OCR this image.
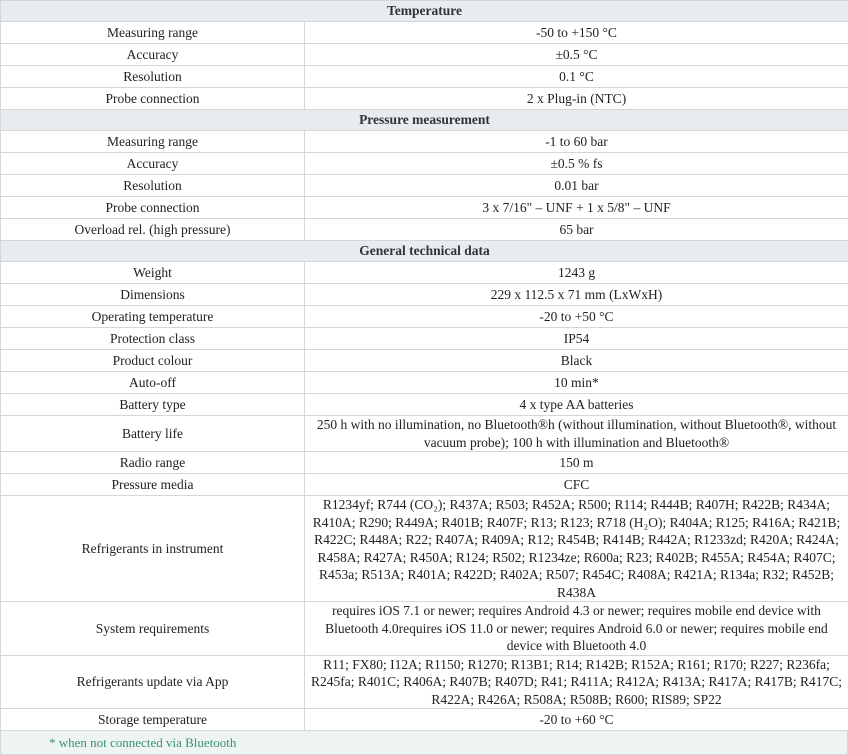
Temperature	
Measuring range	-50 to +150 °C
Accuracy	±0.5 °C
Resolution	0.1 °C
Probe connection	2 x Plug-in (NTC)
Pressure measurement	
Measuring range	-1 to 60 bar
Accuracy	±0.5 % fs
Resolution	0.01 bar
Probe connection	3 x 7/16" – UNF + 1 x 5/8" – UNF
Overload rel. (high pressure)	65 bar
General technical data	
Weight	1243 g
Dimensions	229 x 112.5 x 71 mm (LxWxH)
Operating temperature	-20 to +50 °C
Protection class	IP54
Product colour	Black
Auto-off	10 min*
Battery type	4 x type AA batteries
Battery life	250 h with no illumination, no Bluetooth®h (without illumination, without Bluetooth®, without vacuum probe); 100 h with illumination and Bluetooth®
Radio range	150 m
Pressure media	CFC
Refrigerants in instrument	R1234yf; R744 (CO₂); R437A; R503; R452A; R500; R114; R444B; R407H; R422B; R434A; R410A; R290; R449A; R401B; R407F; R13; R123; R718 (H₂O); R404A; R125; R416A; R421B; R422C; R448A; R22; R407A; R409A; R12; R454B; R414B; R442A; R1233zd; R420A; R424A; R458A; R427A; R450A; R124; R502; R1234ze; R600a; R23; R402B; R455A; R454A; R407C; R453a; R513A; R401A; R422D; R402A; R507; R454C; R408A; R421A; R134a; R32; R452B; R438A
System requirements	requires iOS 7.1 or newer; requires Android 4.3 or newer; requires mobile end device with Bluetooth 4.0requires iOS 11.0 or newer; requires Android 6.0 or newer; requires mobile end device with Bluetooth 4.0
Refrigerants update via App	R11; FX80; I12A; R1150; R1270; R13B1; R14; R142B; R152A; R161; R170; R227; R236fa; R245fa; R401C; R406A; R407B; R407D; R41; R411A; R412A; R413A; R417A; R417B; R417C; R422A; R426A; R508A; R508B; R600; RIS89; SP22
Storage temperature	-20 to +60 °C
* when not connected via Bluetooth
